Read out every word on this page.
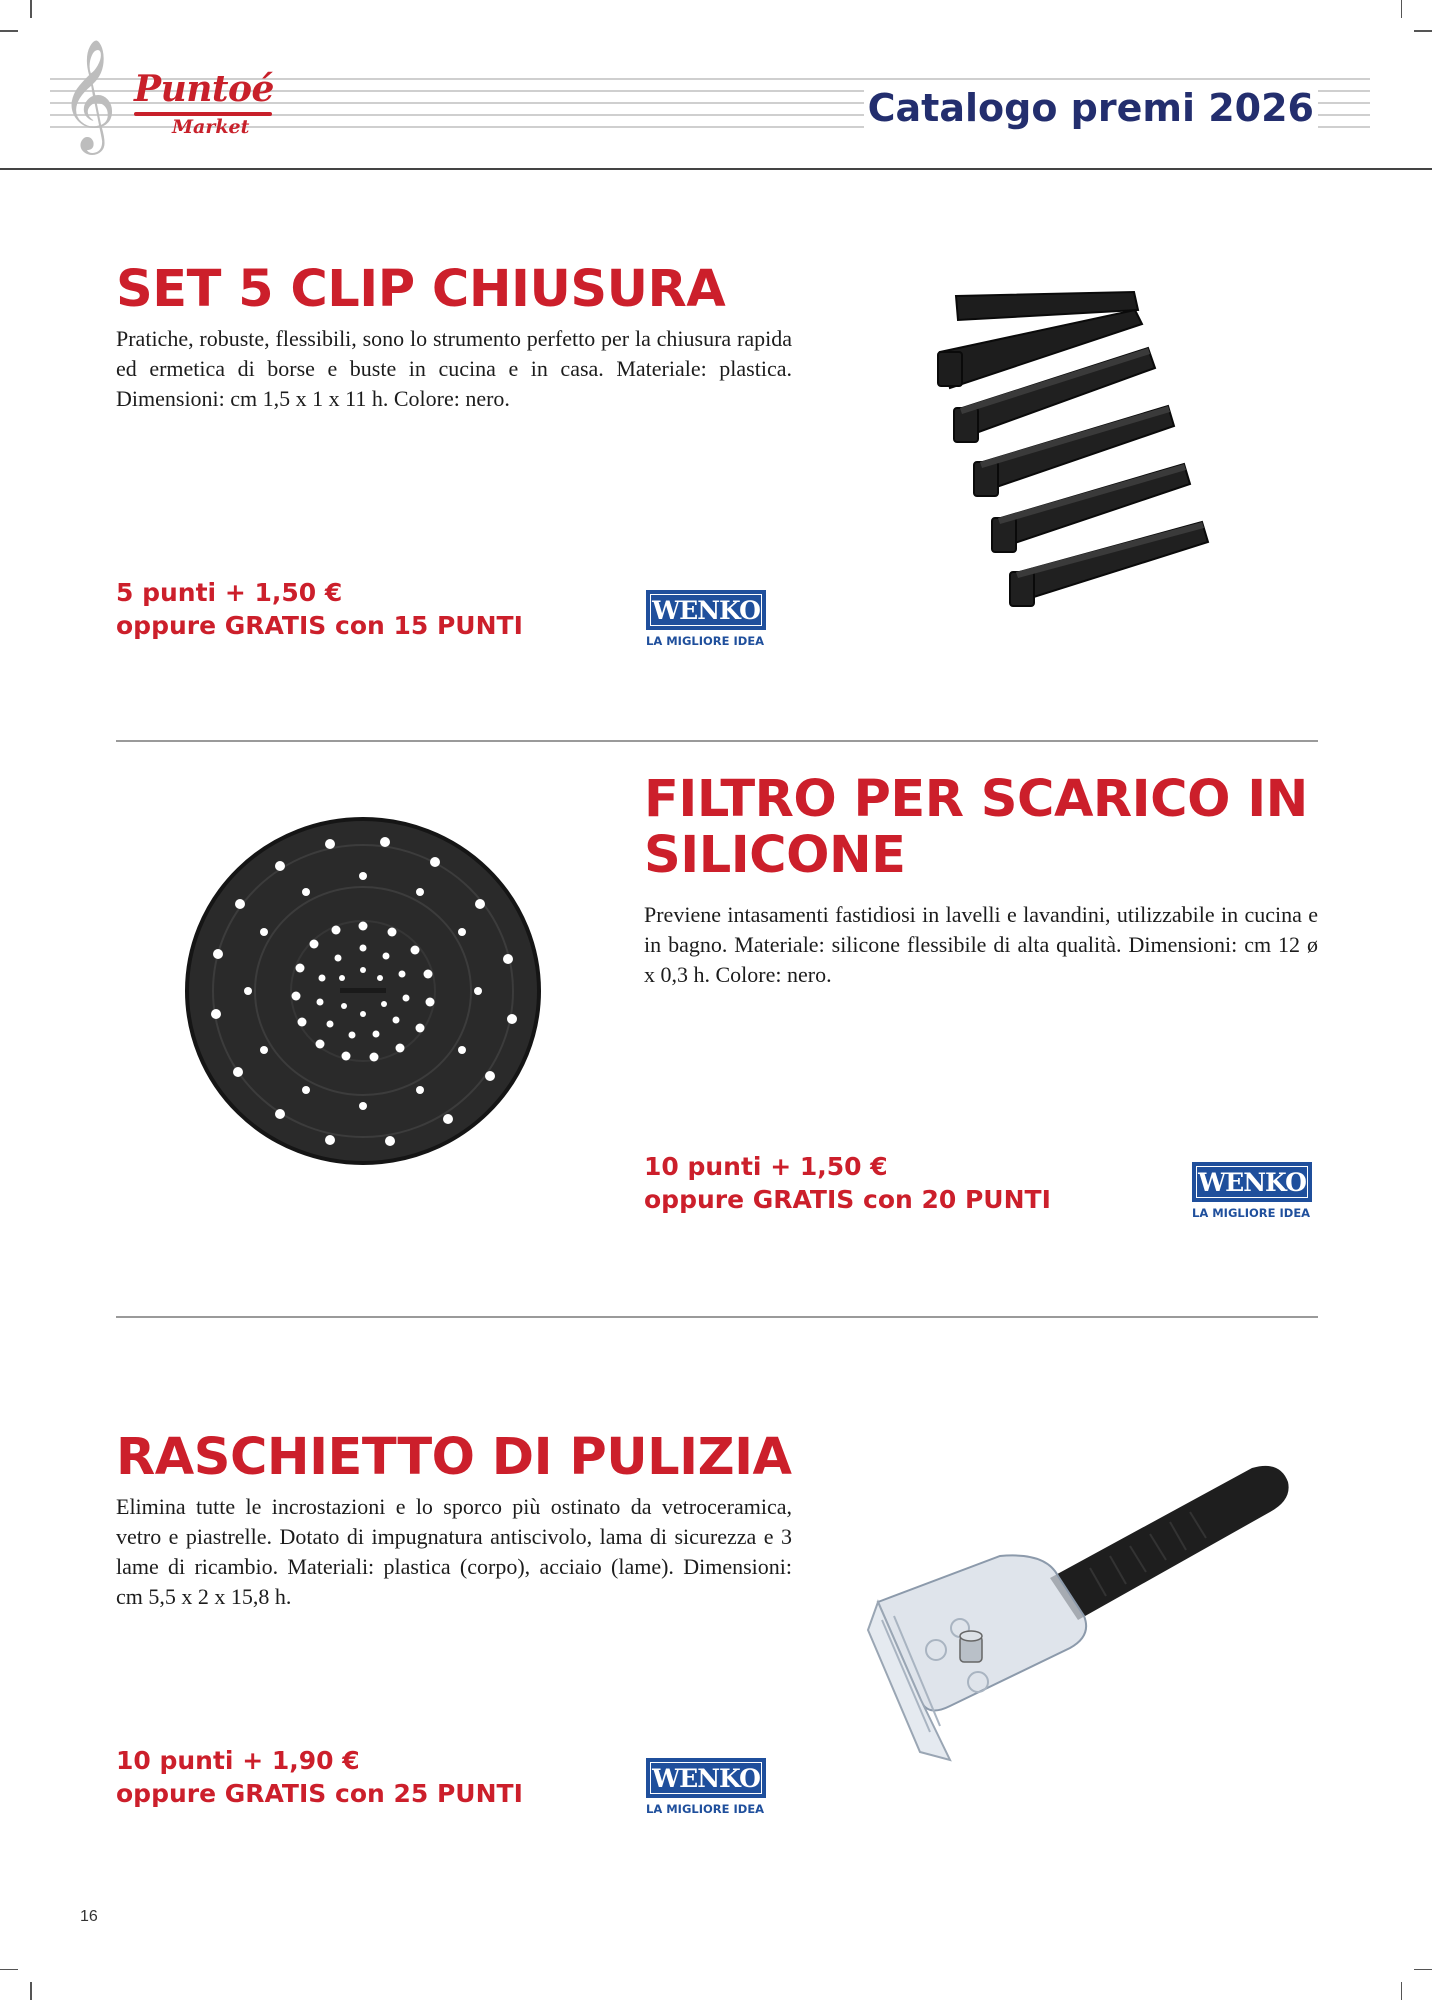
𝄞 Puntoé
Market	Catalogo premi 2026
SET 5 CLIP CHIUSURA
Pratiche, robuste, flessibili, sono lo strumento perfetto per la chiusura rapida ed ermetica di borse e buste in cucina e in casa. Materiale: plastica. Dimensioni: cm 1,5 x 1 x 11 h. Colore: nero.
5 punti + 1,50 €
oppure GRATIS con 15 PUNTI
WENKO
LA MIGLIORE IDEA
FILTRO PER SCARICO IN SILICONE
Previene intasamenti fastidiosi in lavelli e lavandini, utilizzabile in cucina e in bagno. Materiale: silicone flessibile di alta qualità. Dimensioni: cm 12 ø x 0,3 h. Colore: nero.
10 punti + 1,50 €
oppure GRATIS con 20 PUNTI
WENKO
LA MIGLIORE IDEA
RASCHIETTO DI PULIZIA
Elimina tutte le incrostazioni e lo sporco più ostinato da vetroceramica, vetro e piastrelle. Dotato di impugnatura antiscivolo, lama di sicurezza e 3 lame di ricambio. Materiali: plastica (corpo), acciaio (lame). Dimensioni: cm 5,5 x 2 x 15,8 h.
10 punti + 1,90 €
oppure GRATIS con 25 PUNTI
WENKO
LA MIGLIORE IDEA
16
